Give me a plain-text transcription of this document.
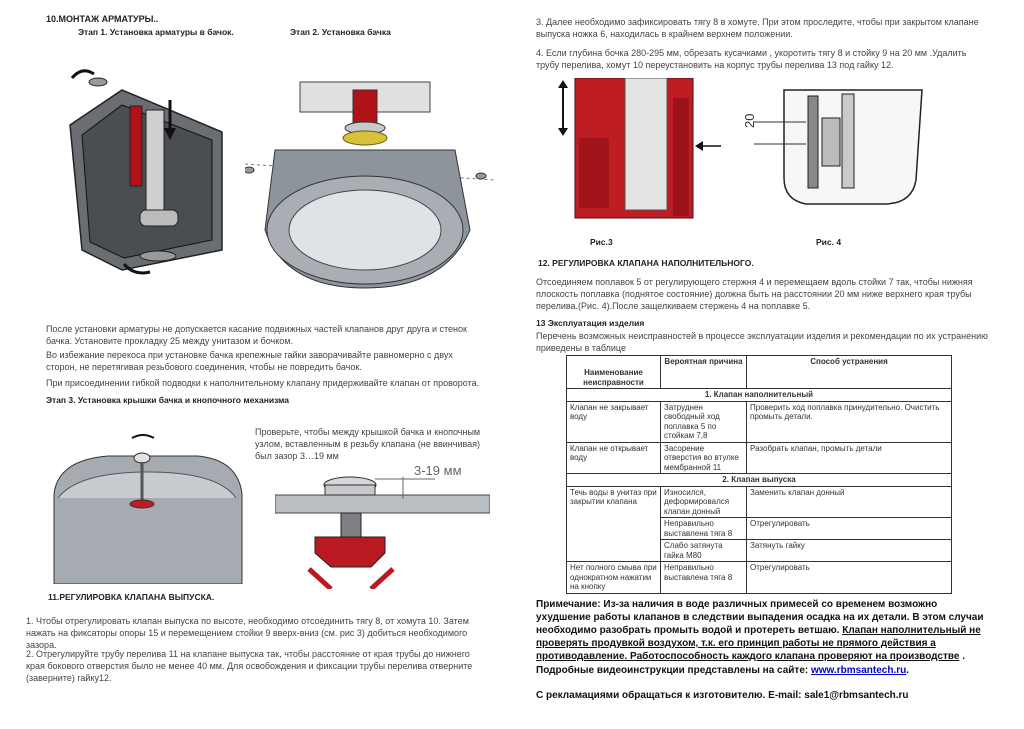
10.МОНТАЖ АРМАТУРЫ..
Этап 1. Установка арматуры в бачок.	Этап 2. Установка бачка
После установки арматуры не допускается касание подвижных частей клапанов друг друга и стенок бачка. Установите прокладку 25 между унитазом и бочком.
Во избежание перекоса при установке бачка крепежные гайки заворачивайте равномерно с двух сторон, не перетягивая резьбового соединения, чтобы не повредить бачок.
При присоединении гибкой подводки к наполнительному клапану придерживайте клапан от проворота.
Этап 3. Установка крышки бачка и кнопочного механизма
Проверьте, чтобы между крышкой бачка и кнопочным узлом, вставленным в резьбу клапана (не ввинчивая) был зазор 3…19 мм
3-19 мм
11.РЕГУЛИРОВКА КЛАПАНА ВЫПУСКА.
1. Чтобы отрегулировать клапан выпуска по высоте, необходимо отсоединить тягу 8, от хомута 10. Затем нажать на фиксаторы опоры 15 и перемещением стойки 9 вверх-вниз (см. рис 3) добиться необходимого зазора.
2. Отрегулируйте трубу перелива 11 на клапане выпуска так, чтобы расстояние от края трубы до нижнего края бокового отверстия было не менее 40 мм. Для освобождения и фиксации трубы перелива отверните (заверните) гайку12.
3. Далее необходимо зафиксировать тягу 8 в хомуте. При этом проследите, чтобы при закрытом клапане выпуска ножка 6, находилась в крайнем верхнем положении.
4. Если глубина бочка 280-295 мм, обрезать кусачками , укоротить тягу 8 и стойку 9 на 20 мм .Удалить трубу перелива, хомут 10 переустановить на корпус трубы перелива 13 под гайку 12.
20
Рис.3	Рис. 4
12. РЕГУЛИРОВКА КЛАПАНА НАПОЛНИТЕЛЬНОГО.
Отсоединяем поплавок 5 от регулирующего стержня 4 и перемещаем вдоль стойки 7 так, чтобы нижняя плоскость поплавка (поднятое состояние) должна быть на расстоянии 20 мм ниже верхнего края трубы перелива.(Рис. 4).После защелкиваем стержень 4 на поплавке 5.
13 Эксплуатация изделия
Перечень возможных неисправностей в процессе эксплуатации изделия и рекомендации по их устранению приведены в таблице
Наименование неисправности	Вероятная причина	Способ устранения
1. Клапан наполнительный		
Клапан не закрывает воду	Затруднен свободный ход поплавка 5 по стойкам 7,8	Проверить ход поплавка принудительно. Очистить промыть детали.
Клапан не открывает воду	Засорение отверстия во втулке мембранной 11	Разобрать клапан, промыть детали
2. Клапан выпуска		
Течь воды в унитаз при закрытии клапана	Износился, деформировался клапан донный	Заменить клапан донный
	Неправильно выставлена тяга 8	Отрегулировать
	Слабо затянута гайка М80	Затянуть гайку
Нет полного смыва при однократном нажатии на кнопку	Неправильно выставлена тяга 8	Отрегулировать
Примечание: Из-за наличия в воде различных примесей со временем возможно ухудшение работы клапанов в следствии выпадения осадка на их детали. В этом случаи необходимо разобрать промыть водой и протереть ветшаю. Клапан наполнительный не проверять продувкой воздухом, т.к. его принцип работы не прямого действия а противодавление. Работоспособность каждого клапана проверяют на производстве .
Подробные видеоинструкции представлены на сайте: www.rbmsantech.ru.
С рекламациями обращаться к изготовителю. E-mail: sale1@rbmsantech.ru
